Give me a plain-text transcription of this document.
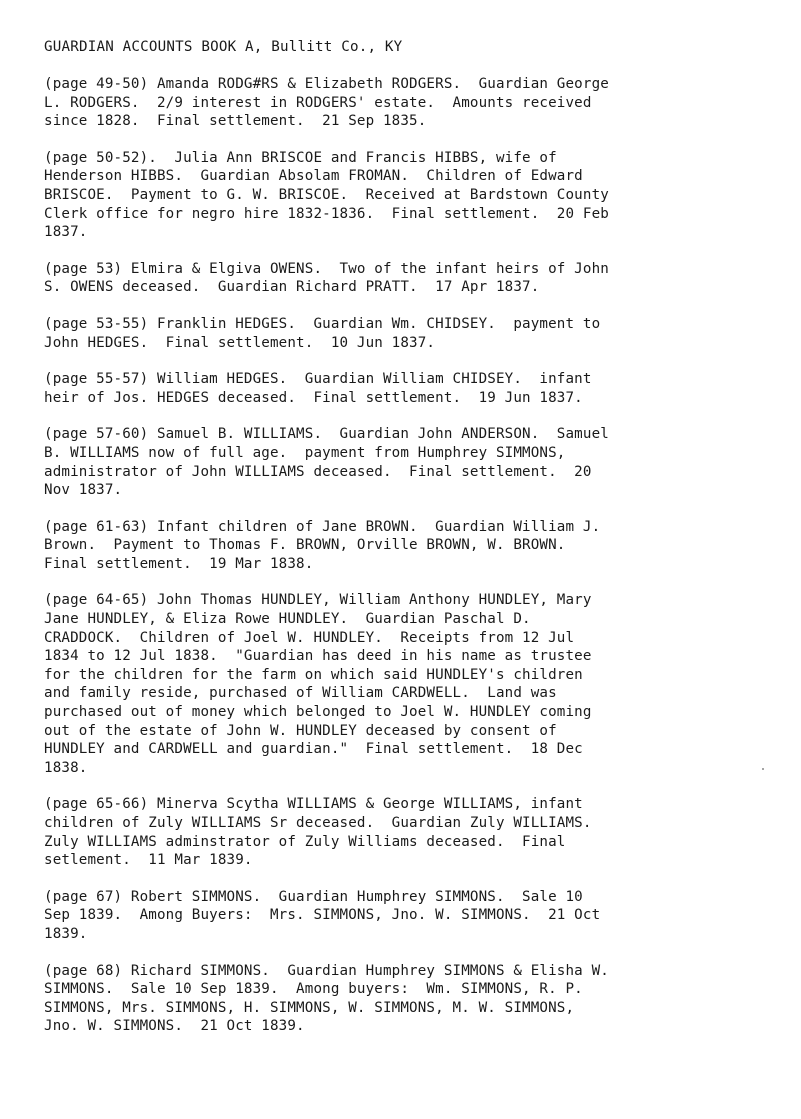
GUARDIAN ACCOUNTS BOOK A, Bullitt Co., KY
(page 49-50) Amanda RODG#RS & Elizabeth RODGERS.  Guardian George
L. RODGERS.  2/9 interest in RODGERS' estate.  Amounts received
since 1828.  Final settlement.  21 Sep 1835.
(page 50-52).  Julia Ann BRISCOE and Francis HIBBS, wife of
Henderson HIBBS.  Guardian Absolam FROMAN.  Children of Edward
BRISCOE.  Payment to G. W. BRISCOE.  Received at Bardstown County
Clerk office for negro hire 1832-1836.  Final settlement.  20 Feb
1837.
(page 53) Elmira & Elgiva OWENS.  Two of the infant heirs of John
S. OWENS deceased.  Guardian Richard PRATT.  17 Apr 1837.
(page 53-55) Franklin HEDGES.  Guardian Wm. CHIDSEY.  payment to
John HEDGES.  Final settlement.  10 Jun 1837.
(page 55-57) William HEDGES.  Guardian William CHIDSEY.  infant
heir of Jos. HEDGES deceased.  Final settlement.  19 Jun 1837.
(page 57-60) Samuel B. WILLIAMS.  Guardian John ANDERSON.  Samuel
B. WILLIAMS now of full age.  payment from Humphrey SIMMONS,
administrator of John WILLIAMS deceased.  Final settlement.  20
Nov 1837.
(page 61-63) Infant children of Jane BROWN.  Guardian William J.
Brown.  Payment to Thomas F. BROWN, Orville BROWN, W. BROWN.
Final settlement.  19 Mar 1838.
(page 64-65) John Thomas HUNDLEY, William Anthony HUNDLEY, Mary
Jane HUNDLEY, & Eliza Rowe HUNDLEY.  Guardian Paschal D.
CRADDOCK.  Children of Joel W. HUNDLEY.  Receipts from 12 Jul
1834 to 12 Jul 1838.  "Guardian has deed in his name as trustee
for the children for the farm on which said HUNDLEY's children
and family reside, purchased of William CARDWELL.  Land was
purchased out of money which belonged to Joel W. HUNDLEY coming
out of the estate of John W. HUNDLEY deceased by consent of
HUNDLEY and CARDWELL and guardian."  Final settlement.  18 Dec
1838.
(page 65-66) Minerva Scytha WILLIAMS & George WILLIAMS, infant
children of Zuly WILLIAMS Sr deceased.  Guardian Zuly WILLIAMS.
Zuly WILLIAMS adminstrator of Zuly Williams deceased.  Final
setlement.  11 Mar 1839.
(page 67) Robert SIMMONS.  Guardian Humphrey SIMMONS.  Sale 10
Sep 1839.  Among Buyers:  Mrs. SIMMONS, Jno. W. SIMMONS.  21 Oct
1839.
(page 68) Richard SIMMONS.  Guardian Humphrey SIMMONS & Elisha W.
SIMMONS.  Sale 10 Sep 1839.  Among buyers:  Wm. SIMMONS, R. P.
SIMMONS, Mrs. SIMMONS, H. SIMMONS, W. SIMMONS, M. W. SIMMONS,
Jno. W. SIMMONS.  21 Oct 1839.
